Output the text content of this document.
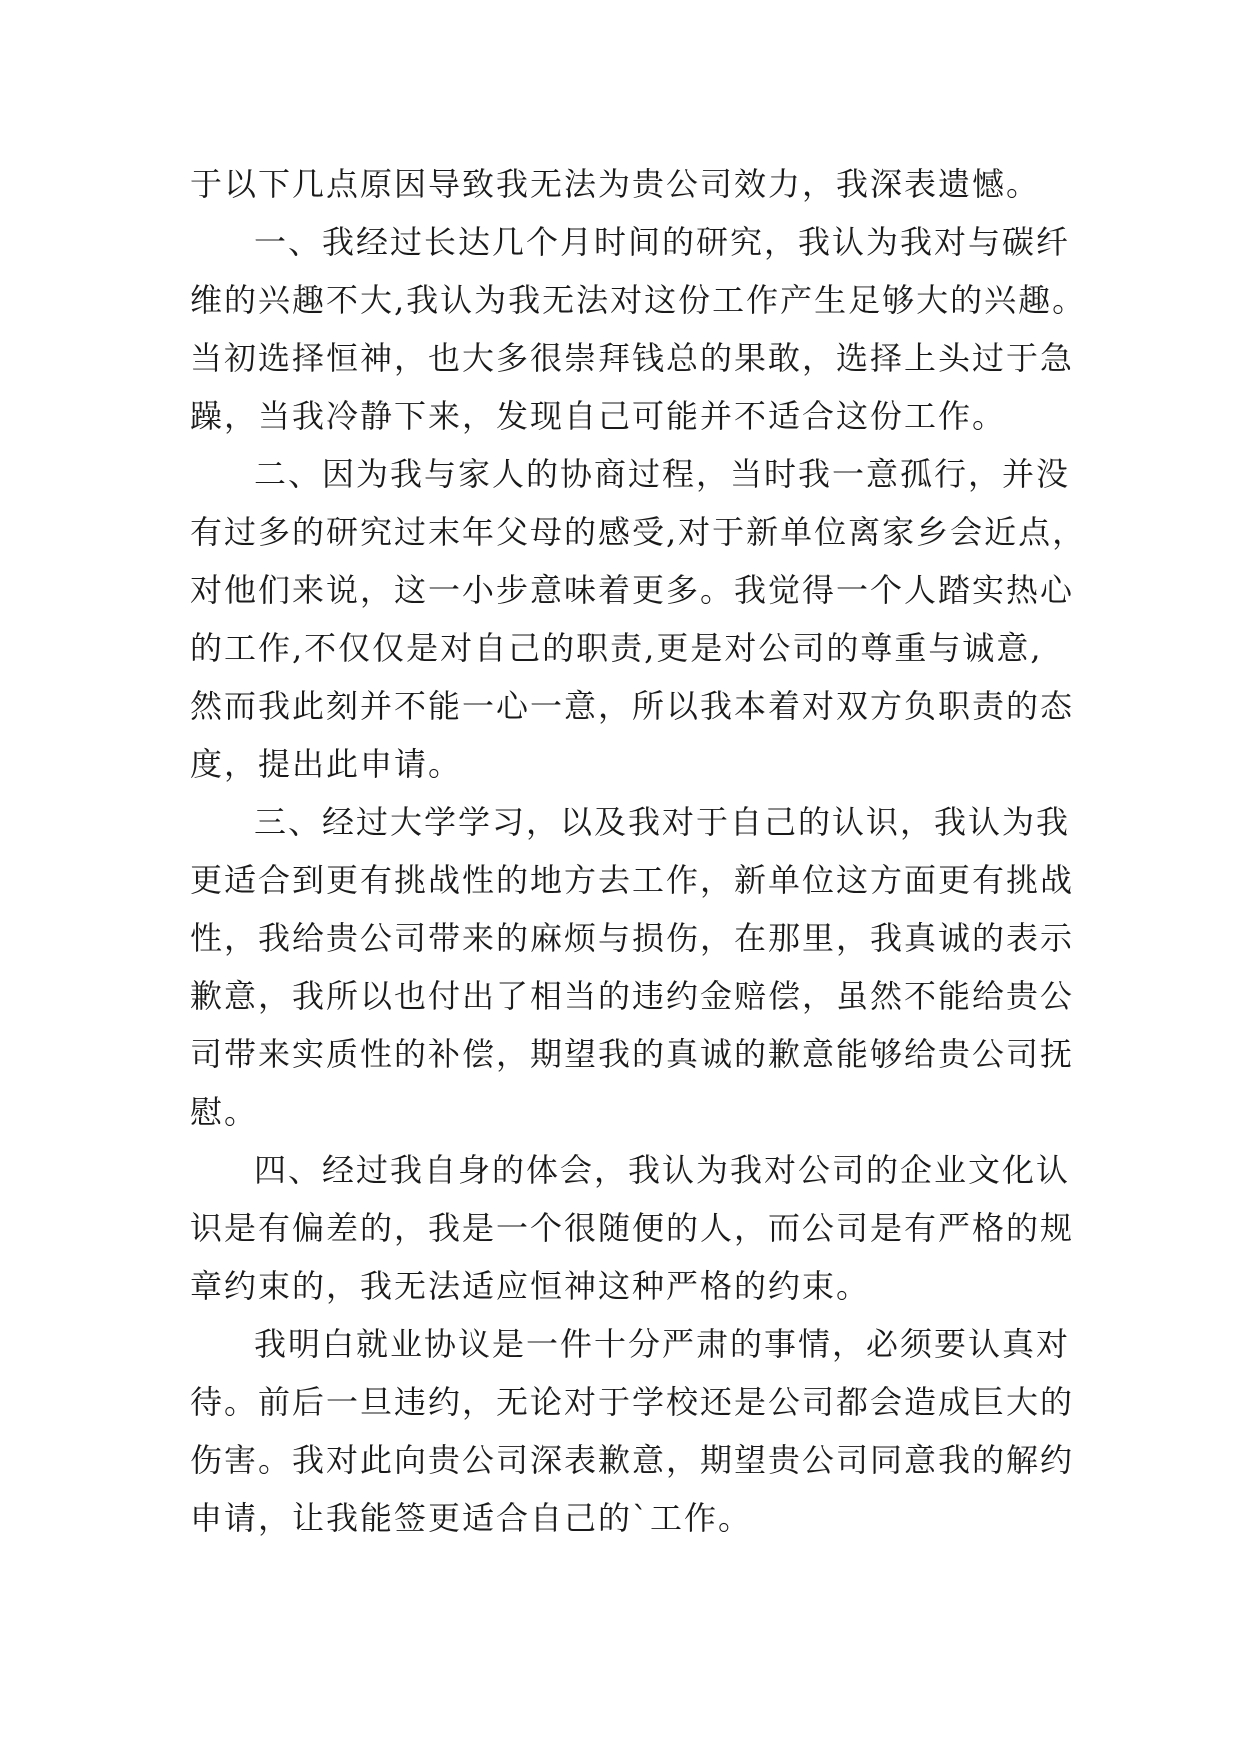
于以下几点原因导致我无法为贵公司效力，我深表遗憾。
一、我经过长达几个月时间的研究，我认为我对与碳纤
维的兴趣不大,我认为我无法对这份工作产生足够大的兴趣。
当初选择恒神，也大多很崇拜钱总的果敢，选择上头过于急
躁，当我冷静下来，发现自己可能并不适合这份工作。
二、因为我与家人的协商过程，当时我一意孤行，并没
有过多的研究过末年父母的感受,对于新单位离家乡会近点，
对他们来说，这一小步意味着更多。我觉得一个人踏实热心
的工作,不仅仅是对自己的职责,更是对公司的尊重与诚意,
然而我此刻并不能一心一意，所以我本着对双方负职责的态
度，提出此申请。
三、经过大学学习，以及我对于自己的认识，我认为我
更适合到更有挑战性的地方去工作，新单位这方面更有挑战
性，我给贵公司带来的麻烦与损伤，在那里，我真诚的表示
歉意，我所以也付出了相当的违约金赔偿，虽然不能给贵公
司带来实质性的补偿，期望我的真诚的歉意能够给贵公司抚
慰。
四、经过我自身的体会，我认为我对公司的企业文化认
识是有偏差的，我是一个很随便的人，而公司是有严格的规
章约束的，我无法适应恒神这种严格的约束。
我明白就业协议是一件十分严肃的事情，必须要认真对
待。前后一旦违约，无论对于学校还是公司都会造成巨大的
伤害。我对此向贵公司深表歉意，期望贵公司同意我的解约
申请，让我能签更适合自己的`工作。
